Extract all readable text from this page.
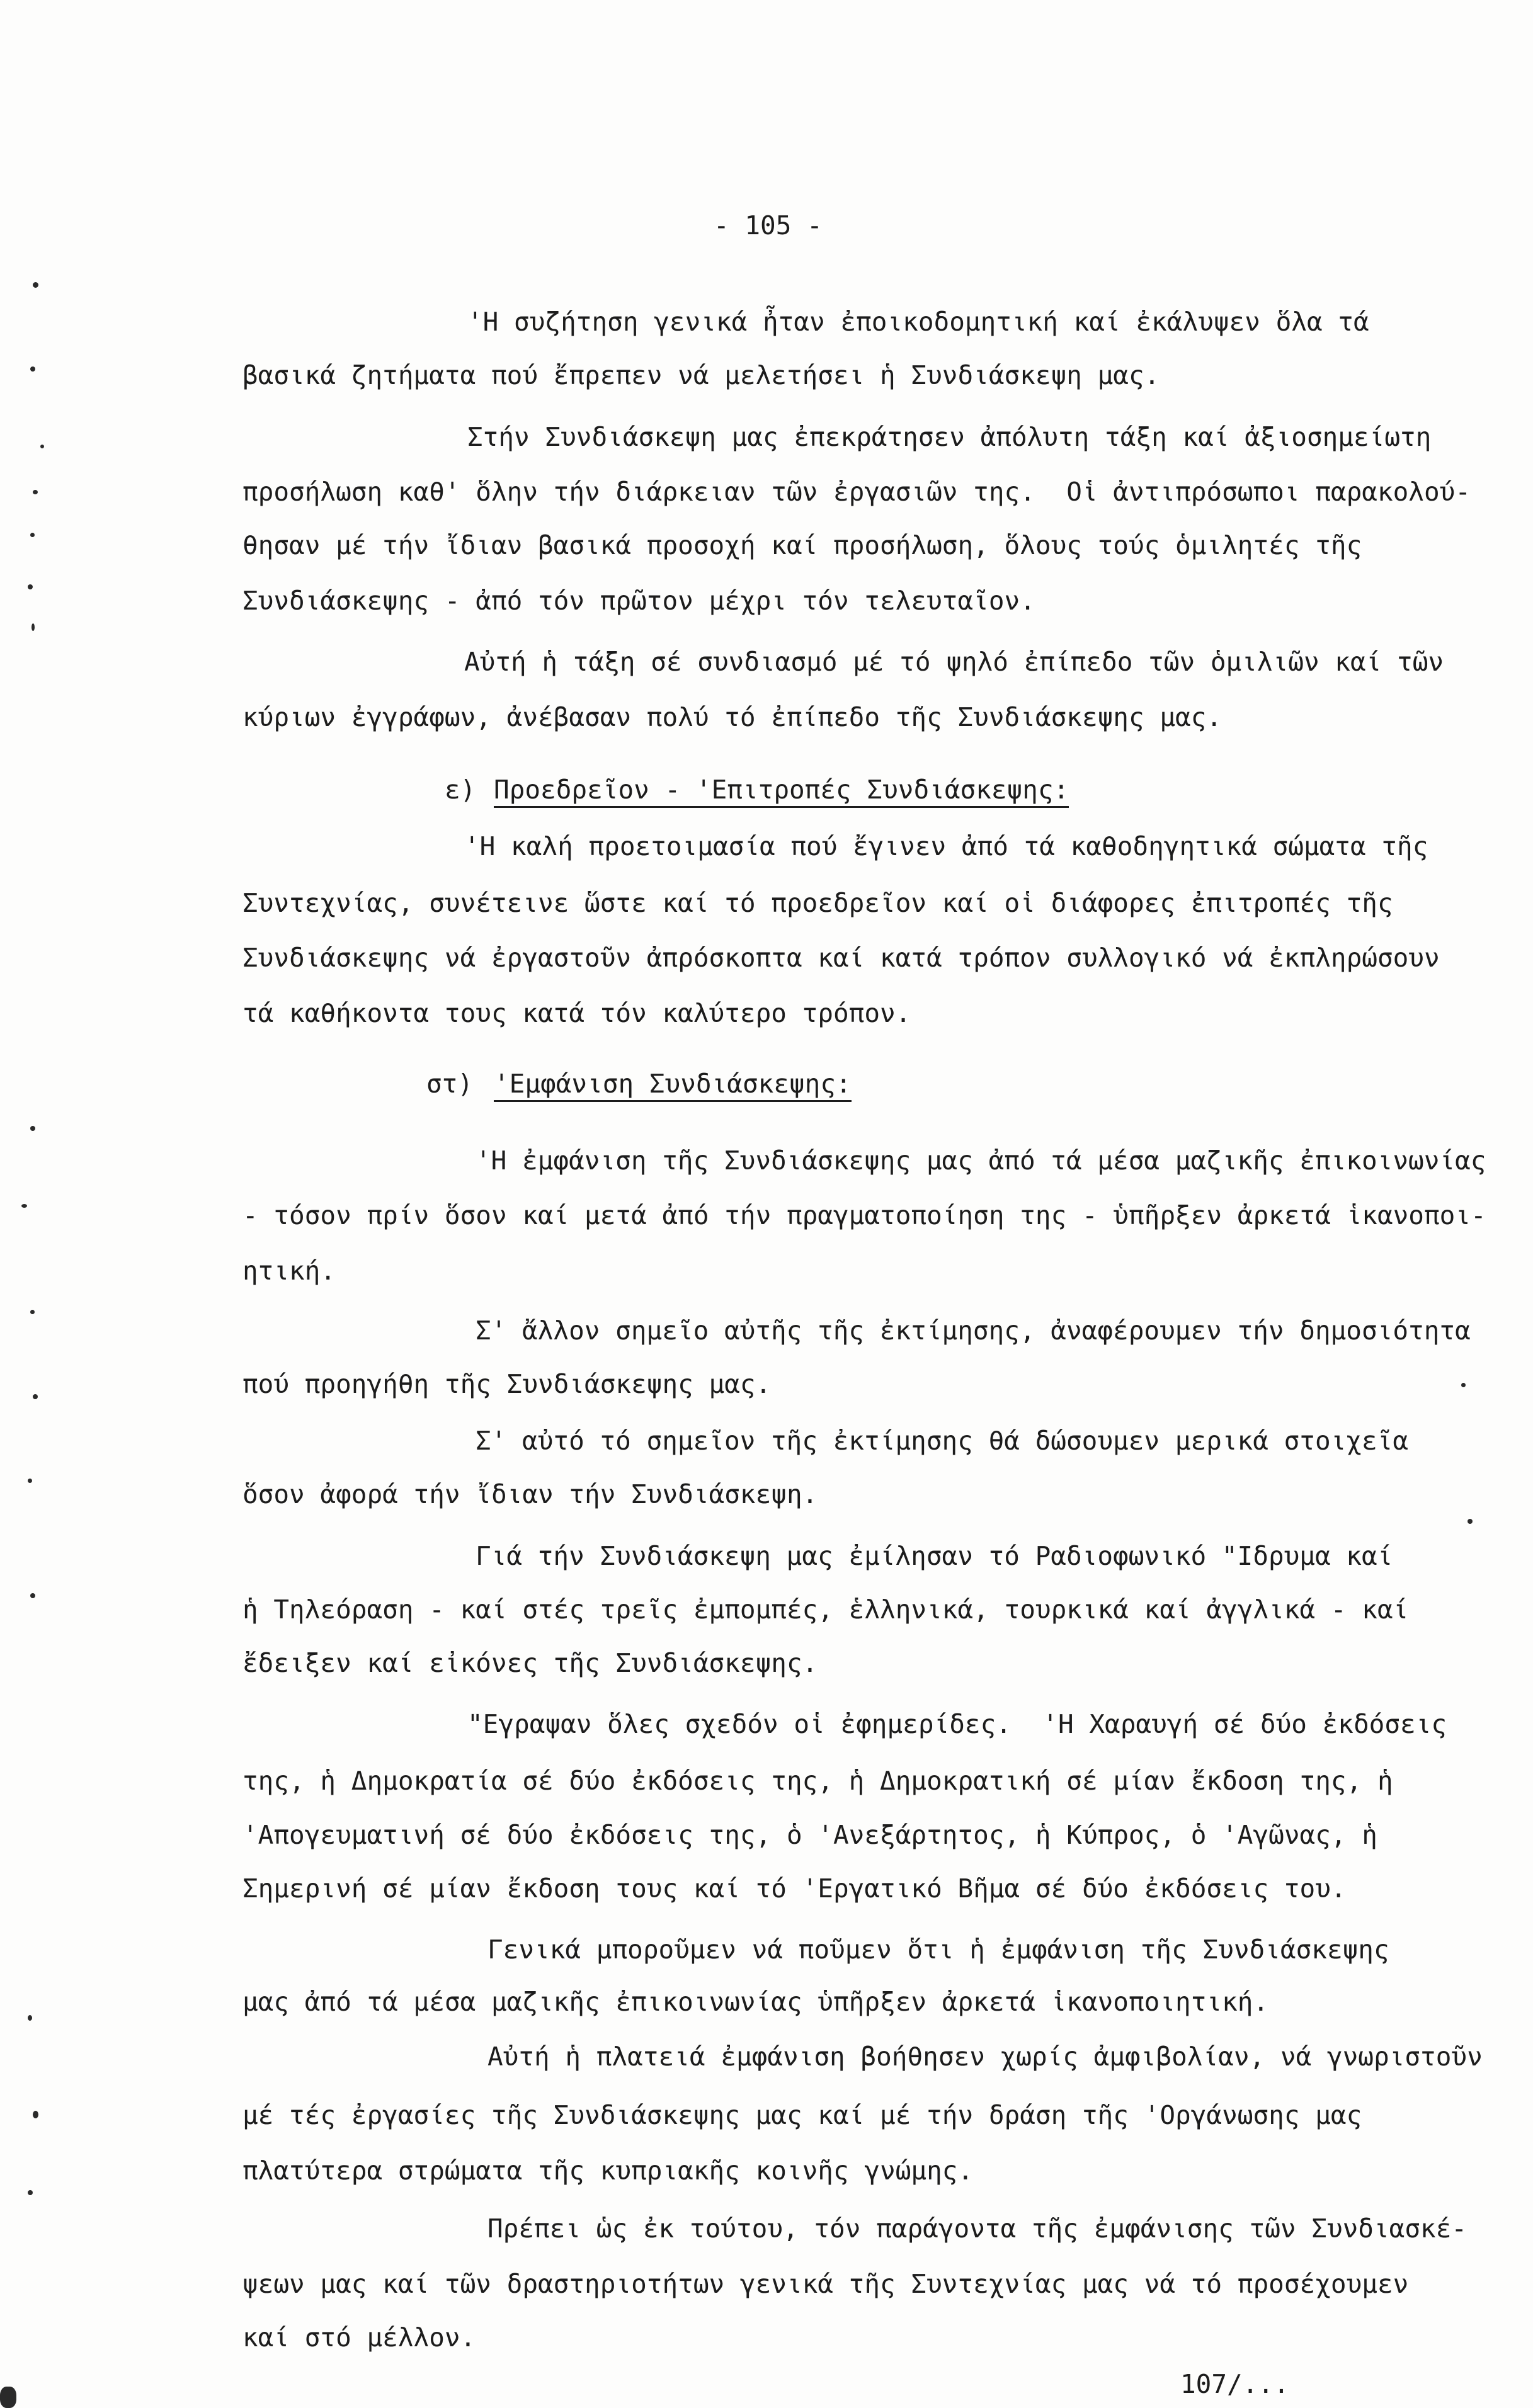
- 105 -
'Η συζήτηση γενικά ἦταν ἐποικοδομητική καί ἐκάλυψεν ὅλα τά
βασικά ζητήματα πού ἔπρεπεν νά μελετήσει ἡ Συνδιάσκεψη μας.
Στήν Συνδιάσκεψη μας ἐπεκράτησεν ἀπόλυτη τάξη καί ἀξιοσημείωτη
προσήλωση καθ' ὅλην τήν διάρκειαν τῶν ἐργασιῶν της.  Οἱ ἀντιπρόσωποι παρακολού-
θησαν μέ τήν ἴδιαν βασικά προσοχή καί προσήλωση, ὅλους τούς ὁμιλητές τῆς
Συνδιάσκεψης - ἀπό τόν πρῶτον μέχρι τόν τελευταῖον.
Αὐτή ἡ τάξη σέ συνδιασμό μέ τό ψηλό ἐπίπεδο τῶν ὁμιλιῶν καί τῶν
κύριων ἐγγράφων, ἀνέβασαν πολύ τό ἐπίπεδο τῆς Συνδιάσκεψης μας.
ε) Προεδρεῖον - 'Επιτροπές Συνδιάσκεψης:
'Η καλή προετοιμασία πού ἔγινεν ἀπό τά καθοδηγητικά σώματα τῆς
Συντεχνίας, συνέτεινε ὥστε καί τό προεδρεῖον καί οἱ διάφορες ἐπιτροπές τῆς
Συνδιάσκεψης νά ἐργαστοῦν ἀπρόσκοπτα καί κατά τρόπον συλλογικό νά ἐκπληρώσουν
τά καθήκοντα τους κατά τόν καλύτερο τρόπον.
στ) 'Εμφάνιση Συνδιάσκεψης:
'Η ἐμφάνιση τῆς Συνδιάσκεψης μας ἀπό τά μέσα μαζικῆς ἐπικοινωνίας
- τόσον πρίν ὅσον καί μετά ἀπό τήν πραγματοποίηση της - ὑπῆρξεν ἀρκετά ἱκανοποι-
ητική.
Σ' ἄλλον σημεῖο αὐτῆς τῆς ἐκτίμησης, ἀναφέρουμεν τήν δημοσιότητα
πού προηγήθη τῆς Συνδιάσκεψης μας.
Σ' αὐτό τό σημεῖον τῆς ἐκτίμησης θά δώσουμεν μερικά στοιχεῖα
ὅσον ἀφορά τήν ἴδιαν τήν Συνδιάσκεψη.
Γιά τήν Συνδιάσκεψη μας ἐμίλησαν τό Ραδιοφωνικό "Ιδρυμα καί
ἡ Τηλεόραση - καί στές τρεῖς ἐμπομπές, ἑλληνικά, τουρκικά καί ἀγγλικά - καί
ἔδειξεν καί εἰκόνες τῆς Συνδιάσκεψης.
"Εγραψαν ὅλες σχεδόν οἱ ἐφημερίδες.  'Η Χαραυγή σέ δύο ἐκδόσεις
της, ἡ Δημοκρατία σέ δύο ἐκδόσεις της, ἡ Δημοκρατική σέ μίαν ἔκδοση της, ἡ
'Απογευματινή σέ δύο ἐκδόσεις της, ὁ 'Ανεξάρτητος, ἡ Κύπρος, ὁ 'Αγῶνας, ἡ
Σημερινή σέ μίαν ἔκδοση τους καί τό 'Εργατικό Βῆμα σέ δύο ἐκδόσεις του.
Γενικά μποροῦμεν νά ποῦμεν ὅτι ἡ ἐμφάνιση τῆς Συνδιάσκεψης
μας ἀπό τά μέσα μαζικῆς ἐπικοινωνίας ὑπῆρξεν ἀρκετά ἱκανοποιητική.
Αὐτή ἡ πλατειά ἐμφάνιση βοήθησεν χωρίς ἀμφιβολίαν, νά γνωριστοῦν
μέ τές ἐργασίες τῆς Συνδιάσκεψης μας καί μέ τήν δράση τῆς 'Οργάνωσης μας
πλατύτερα στρώματα τῆς κυπριακῆς κοινῆς γνώμης.
Πρέπει ὡς ἐκ τούτου, τόν παράγοντα τῆς ἐμφάνισης τῶν Συνδιασκέ-
ψεων μας καί τῶν δραστηριοτήτων γενικά τῆς Συντεχνίας μας νά τό προσέχουμεν
καί στό μέλλον.
107/...
